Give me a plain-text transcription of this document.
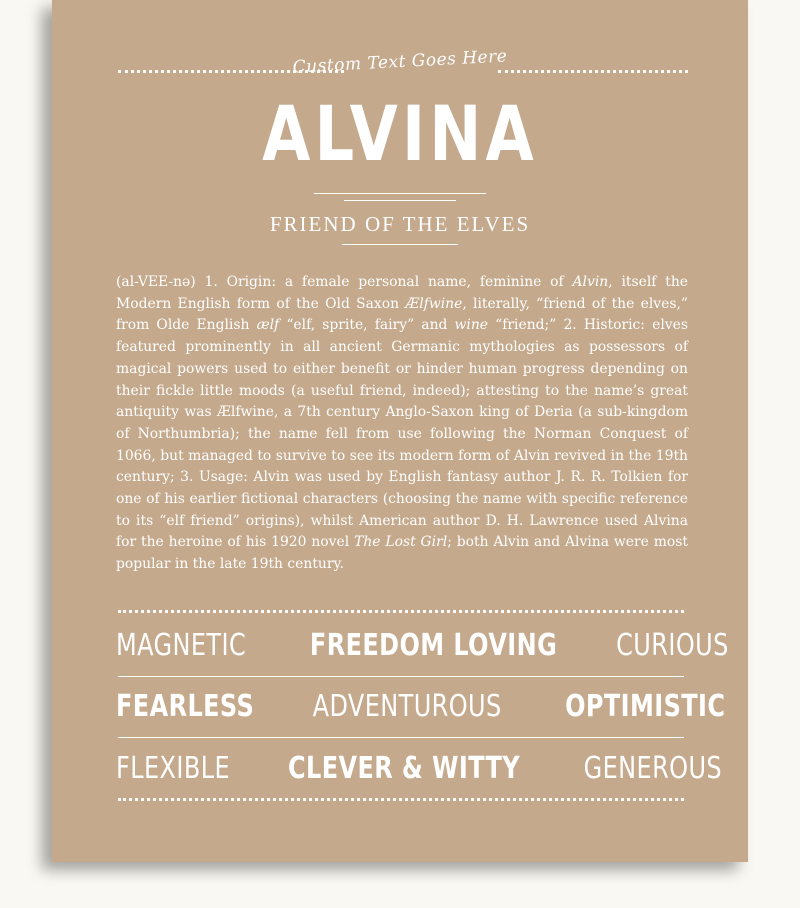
Custom Text Goes Here
ALVINA
FRIEND OF THE ELVES
(al-VEE-nə) 1. Origin: a female personal name, feminine of Alvin, itself the Modern English form of the Old Saxon Ælfwine, literally, “friend of the elves,” from Olde English ælf “elf, sprite, fairy” and wine “friend;” 2. Historic: elves featured prominently in all ancient Germanic mythologies as possessors of magical powers used to either benefit or hinder human progress depending on their fickle little moods (a useful friend, indeed); attesting to the name’s great antiquity was Ælfwine, a 7th century Anglo-Saxon king of Deria (a sub-kingdom of Northumbria); the name fell from use following the Norman Conquest of 1066, but managed to survive to see its modern form of Alvin revived in the 19th century; 3. Usage: Alvin was used by English fantasy author J. R. R. Tolkien for one of his earlier fictional characters (choosing the name with specific reference to its “elf friend” origins), whilst American author D. H. Lawrence used Alvina for the heroine of his 1920 novel The Lost Girl; both Alvin and Alvina were most popular in the late 19th century.
MAGNETIC FREEDOM LOVING CURIOUS
FEARLESS ADVENTUROUS OPTIMISTIC
FLEXIBLE CLEVER & WITTY GENEROUS
